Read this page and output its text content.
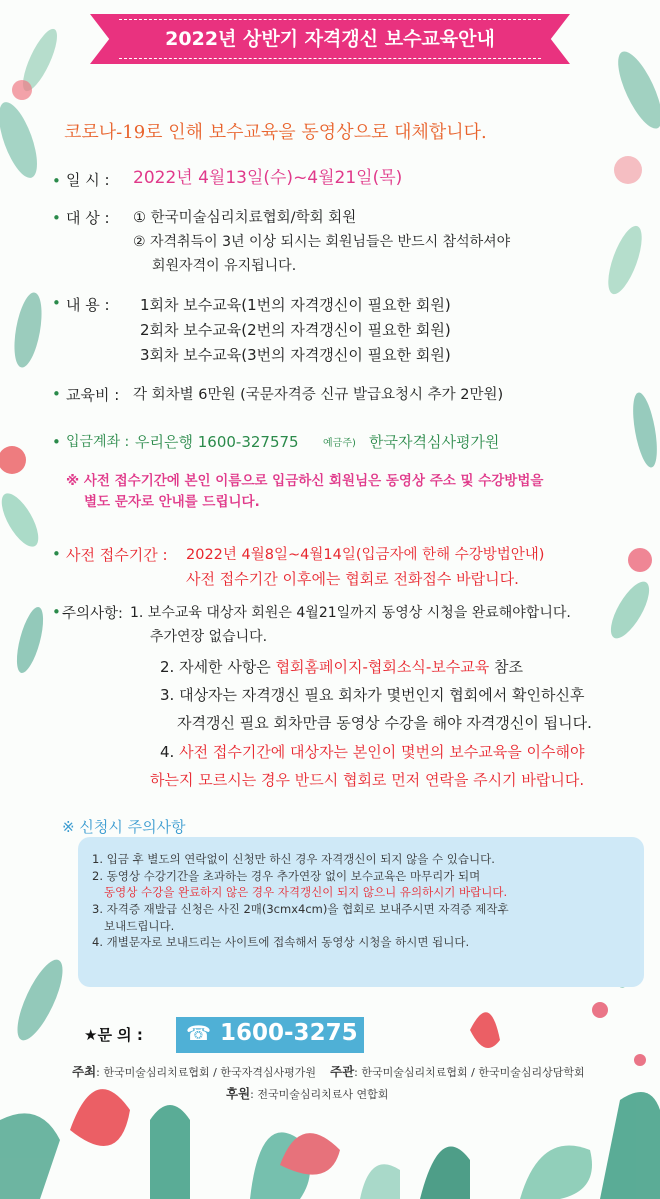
2022년 상반기 자격갱신 보수교육안내
코로나-19로 인해 보수교육을 동영상으로 대체합니다.
• 일 시 : 2022년 4월13일(수)~4월21일(목)
• 대 상 : ① 한국미술심리치료협회/학회 회원
② 자격취득이 3년 이상 되시는 회원님들은 반드시 참석하셔야
회원자격이 유지됩니다.
• 내 용 : 1회차 보수교육(1번의 자격갱신이 필요한 회원)
2회차 보수교육(2번의 자격갱신이 필요한 회원)
3회차 보수교육(3번의 자격갱신이 필요한 회원)
• 교육비 : 각 회차별 6만원 (국문자격증 신규 발급요청시 추가 2만원)
• 입금계좌 : 우리은행 1600-327575 예금주) 한국자격심사평가원
※ 사전 접수기간에 본인 이름으로 입금하신 회원님은 동영상 주소 및 수강방법을
별도 문자로 안내를 드립니다.
• 사전 접수기간 : 2022년 4월8일~4월14일(입금자에 한해 수강방법안내)
사전 접수기간 이후에는 협회로 전화접수 바랍니다.
• 주의사항: 1. 보수교육 대상자 회원은 4월21일까지 동영상 시청을 완료해야합니다.
추가연장 없습니다.
2. 자세한 사항은 협회홈페이지-협회소식-보수교육 참조
3. 대상자는 자격갱신 필요 회차가 몇번인지 협회에서 확인하신후
자격갱신 필요 회차만큼 동영상 수강을 해야 자격갱신이 됩니다.
4. 사전 접수기간에 대상자는 본인이 몇번의 보수교육을 이수해야
하는지 모르시는 경우 반드시 협회로 먼저 연락을 주시기 바랍니다.
※ 신청시 주의사항
1. 입금 후 별도의 연락없이 신청만 하신 경우 자격갱신이 되지 않을 수 있습니다.
2. 동영상 수강기간을 초과하는 경우 추가연장 없이 보수교육은 마무리가 되며
동영상 수강을 완료하지 않은 경우 자격갱신이 되지 않으니 유의하시기 바랍니다.
3. 자격증 재발급 신청은 사진 2매(3cmx4cm)을 협회로 보내주시면 자격증 제작후
보내드립니다.
4. 개별문자로 보내드리는 사이트에 접속해서 동영상 시청을 하시면 됩니다.
★문 의 : ☎ 1600-3275
주최: 한국미술심리치료협회 / 한국자격심사평가원 주관: 한국미술심리치료협회 / 한국미술심리상담학회
후원: 전국미술심리치료사 연합회
